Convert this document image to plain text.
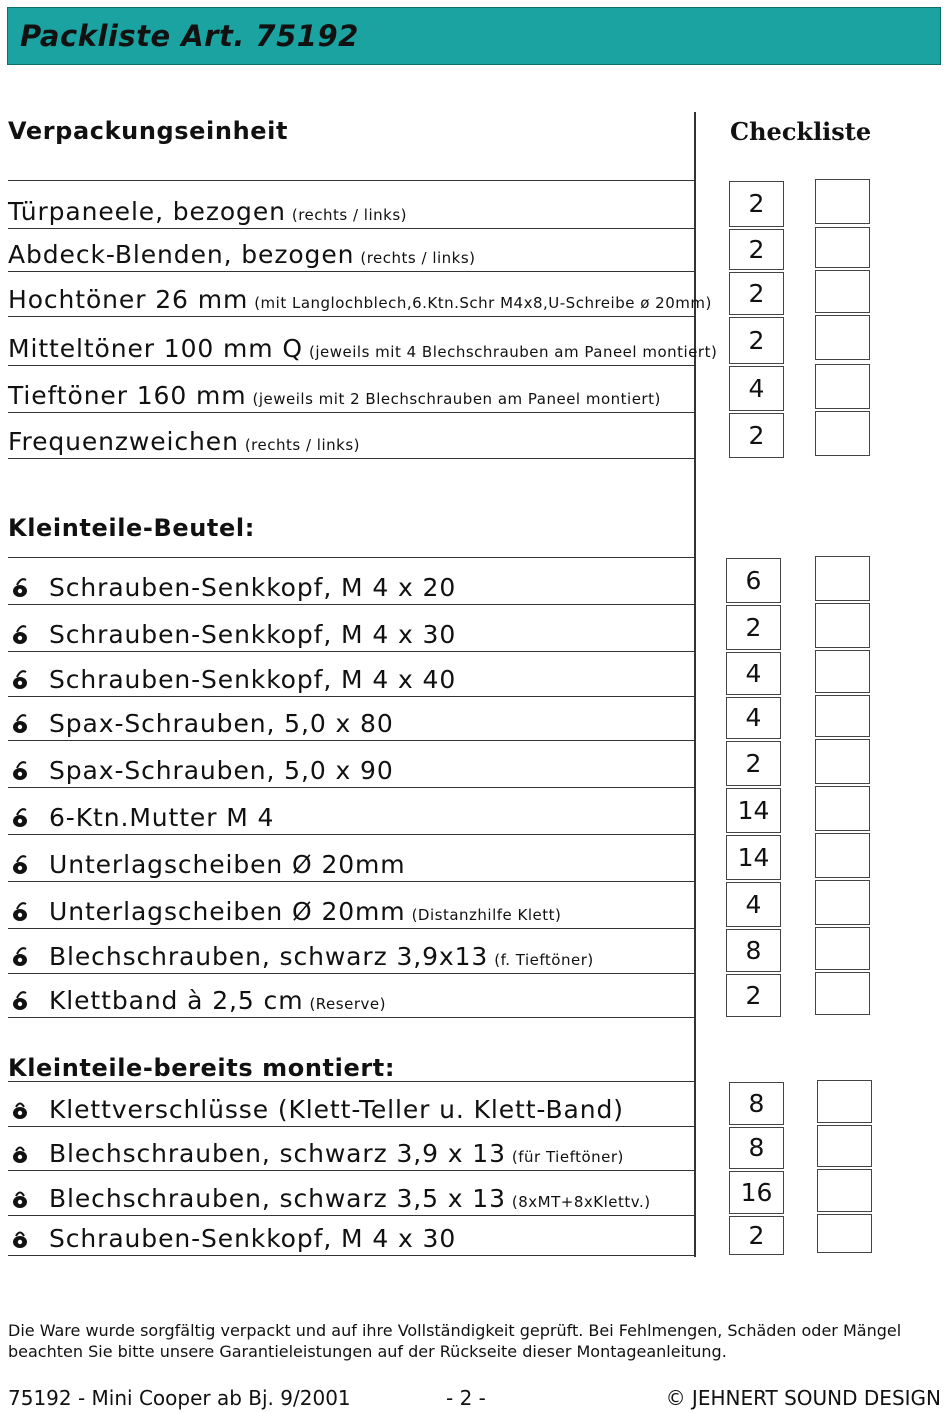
Packliste Art. 75192
Verpackungseinheit	Checkliste
Türpaneele, bezogen (rechts / links)	2
Abdeck-Blenden, bezogen (rechts / links)	2
Hochtöner 26 mm (mit Langlochblech,6.Ktn.Schr M4x8,U-Schreibe ø 20mm)	2
Mitteltöner 100 mm Q (jeweils mit 4 Blechschrauben am Paneel montiert)	2
Tieftöner 160 mm (jeweils mit 2 Blechschrauben am Paneel montiert)	4
Frequenzweichen (rechts / links)	2
Kleinteile-Beutel:
Schrauben-Senkkopf, M 4 x 20	6
Schrauben-Senkkopf, M 4 x 30	2
Schrauben-Senkkopf, M 4 x 40	4
Spax-Schrauben, 5,0 x 80	4
Spax-Schrauben, 5,0 x 90	2
6-Ktn.Mutter M 4	14
Unterlagscheiben Ø 20mm	14
Unterlagscheiben Ø 20mm (Distanzhilfe Klett)	4
Blechschrauben, schwarz 3,9x13 (f. Tieftöner)	8
Klettband à 2,5 cm (Reserve)	2
Kleinteile-bereits montiert:
Klettverschlüsse (Klett-Teller u. Klett-Band)	8
Blechschrauben, schwarz 3,9 x 13 (für Tieftöner)	8
Blechschrauben, schwarz 3,5 x 13 (8xMT+8xKlettv.)	16
Schrauben-Senkkopf, M 4 x 30	2
Die Ware wurde sorgfältig verpackt und auf ihre Vollständigkeit geprüft. Bei Fehlmengen, Schäden oder Mängel beachten Sie bitte unsere Garantieleistungen auf der Rückseite dieser Montageanleitung.
75192 - Mini Cooper ab Bj. 9/2001	- 2 -	© JEHNERT SOUND DESIGN
